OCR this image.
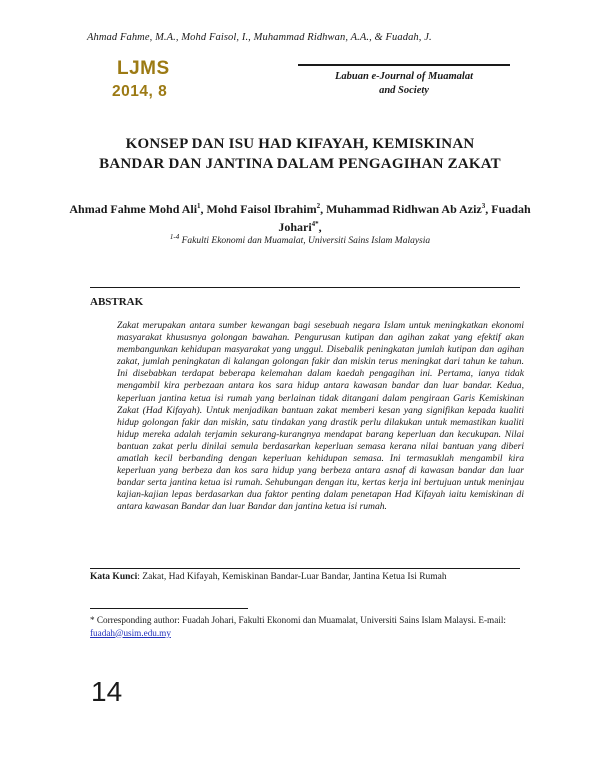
Ahmad Fahme, M.A., Mohd Faisol, I., Muhammad Ridhwan, A.A., & Fuadah, J.
LJMS
2014, 8
Labuan e-Journal of Muamalat
and Society
KONSEP DAN ISU HAD KIFAYAH, KEMISKINAN
BANDAR DAN JANTINA DALAM PENGAGIHAN ZAKAT
Ahmad Fahme Mohd Ali$^1$, Mohd Faisol Ibrahim$^2$, Muhammad Ridhwan Ab Aziz$^3$, Fuadah Johari$^{4*}$,
$^{1-4}$ Fakulti Ekonomi dan Muamalat, Universiti Sains Islam Malaysia
ABSTRAK
Zakat merupakan antara sumber kewangan bagi sesebuah negara Islam untuk meningkatkan ekonomi masyarakat khususnya golongan bawahan. Pengurusan kutipan dan agihan zakat yang efektif akan membangunkan kehidupan masyarakat yang unggul. Disebalik peningkatan jumlah kutipan dan agihan zakat, jumlah peningkatan di kalangan golongan fakir dan miskin terus meningkat dari tahun ke tahun. Ini disebabkan terdapat beberapa kelemahan dalam kaedah pengagihan ini. Pertama, ianya tidak mengambil kira perbezaan antara kos sara hidup antara kawasan bandar dan luar bandar. Kedua, keperluan jantina ketua isi rumah yang berlainan tidak ditangani dalam pengiraan Garis Kemiskinan Zakat (Had Kifayah). Untuk menjadikan bantuan zakat memberi kesan yang signifikan kepada kualiti hidup golongan fakir dan miskin, satu tindakan yang drastik perlu dilakukan untuk memastikan kualiti hidup mereka adalah terjamin sekurang-kurangnya mendapat barang keperluan dan kecukupan. Nilai bantuan zakat perlu dinilai semula berdasarkan keperluan semasa kerana nilai bantuan yang diberi amatlah kecil berbanding dengan keperluan kehidupan semasa. Ini termasuklah mengambil kira keperluan yang berbeza dan kos sara hidup yang berbeza antara asnaf di kawasan bandar dan luar bandar serta jantina ketua isi rumah. Sehubungan dengan itu, kertas kerja ini bertujuan untuk meninjau kajian-kajian lepas berdasarkan dua faktor penting dalam penetapan Had Kifayah iaitu kemiskinan di antara kawasan Bandar dan luar Bandar dan jantina ketua isi rumah.
Kata Kunci: Zakat, Had Kifayah, Kemiskinan Bandar-Luar Bandar, Jantina Ketua Isi Rumah
* Corresponding author: Fuadah Johari, Fakulti Ekonomi dan Muamalat, Universiti Sains Islam Malaysi. E-mail: fuadah@usim.edu.my
14
